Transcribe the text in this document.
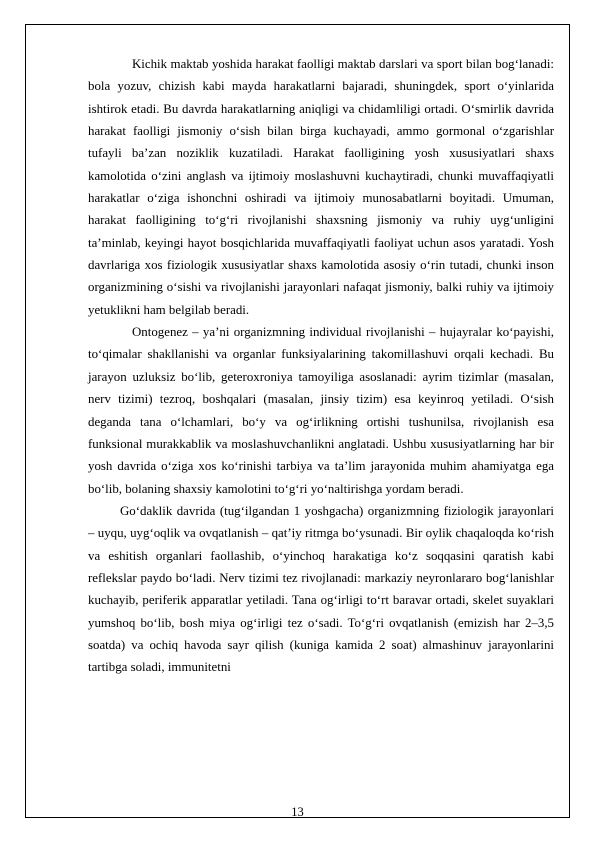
Kichik maktab yoshida harakat faolligi maktab darslari va sport bilan bog‘lanadi: bola yozuv, chizish kabi mayda harakatlarni bajaradi, shuningdek, sport o‘yinlarida ishtirok etadi. Bu davrda harakatlarning aniqligi va chidamliligi ortadi. O‘smirlik davrida harakat faolligi jismoniy o‘sish bilan birga kuchayadi, ammo gormonal o‘zgarishlar tufayli ba’zan noziklik kuzatiladi. Harakat faolligining yosh xususiyatlari shaxs kamolotida o‘zini anglash va ijtimoiy moslashuvni kuchaytiradi, chunki muvaffaqiyatli harakatlar o‘ziga ishonchni oshiradi va ijtimoiy munosabatlarni boyitadi. Umuman, harakat faolligining to‘g‘ri rivojlanishi shaxsning jismoniy va ruhiy uyg‘unligini ta’minlab, keyingi hayot bosqichlarida muvaffaqiyatli faoliyat uchun asos yaratadi. Yosh davrlariga xos fiziologik xususiyatlar shaxs kamolotida asosiy o‘rin tutadi, chunki inson organizmining o‘sishi va rivojlanishi jarayonlari nafaqat jismoniy, balki ruhiy va ijtimoiy yetuklikni ham belgilab beradi.

Ontogenez – ya’ni organizmning individual rivojlanishi – hujayralar ko‘payishi, to‘qimalar shakllanishi va organlar funksiyalarining takomillashuvi orqali kechadi. Bu jarayon uzluksiz bo‘lib, geteroxroniya tamoyiliga asoslanadi: ayrim tizimlar (masalan, nerv tizimi) tezroq, boshqalari (masalan, jinsiy tizim) esa keyinroq yetiladi. O‘sish deganda tana o‘lchamlari, bo‘y va og‘irlikning ortishi tushunilsa, rivojlanish esa funksional murakkablik va moslashuvchanlikni anglatadi. Ushbu xususiyatlarning har bir yosh davrida o‘ziga xos ko‘rinishi tarbiya va ta’lim jarayonida muhim ahamiyatga ega bo‘lib, bolaning shaxsiy kamolotini to‘g‘ri yo‘naltirishga yordam beradi.

Go‘daklik davrida (tug‘ilgandan 1 yoshgacha) organizmning fiziologik jarayonlari – uyqu, uyg‘oqlik va ovqatlanish – qat’iy ritmga bo‘ysunadi. Bir oylik chaqaloqda ko‘rish va eshitish organlari faollashib, o‘yinchoq harakatiga ko‘z soqqasini qaratish kabi reflekslar paydo bo‘ladi. Nerv tizimi tez rivojlanadi: markaziy neyronlararo bog‘lanishlar kuchayib, periferik apparatlar yetiladi. Tana og‘irligi to‘rt baravar ortadi, skelet suyaklari yumshoq bo‘lib, bosh miya og‘irligi tez o‘sadi. To‘g‘ri ovqatlanish (emizish har 2–3,5 soatda) va ochiq havoda sayr qilish (kuniga kamida 2 soat) almashinuv jarayonlarini tartibga soladi, immunitetni

13
